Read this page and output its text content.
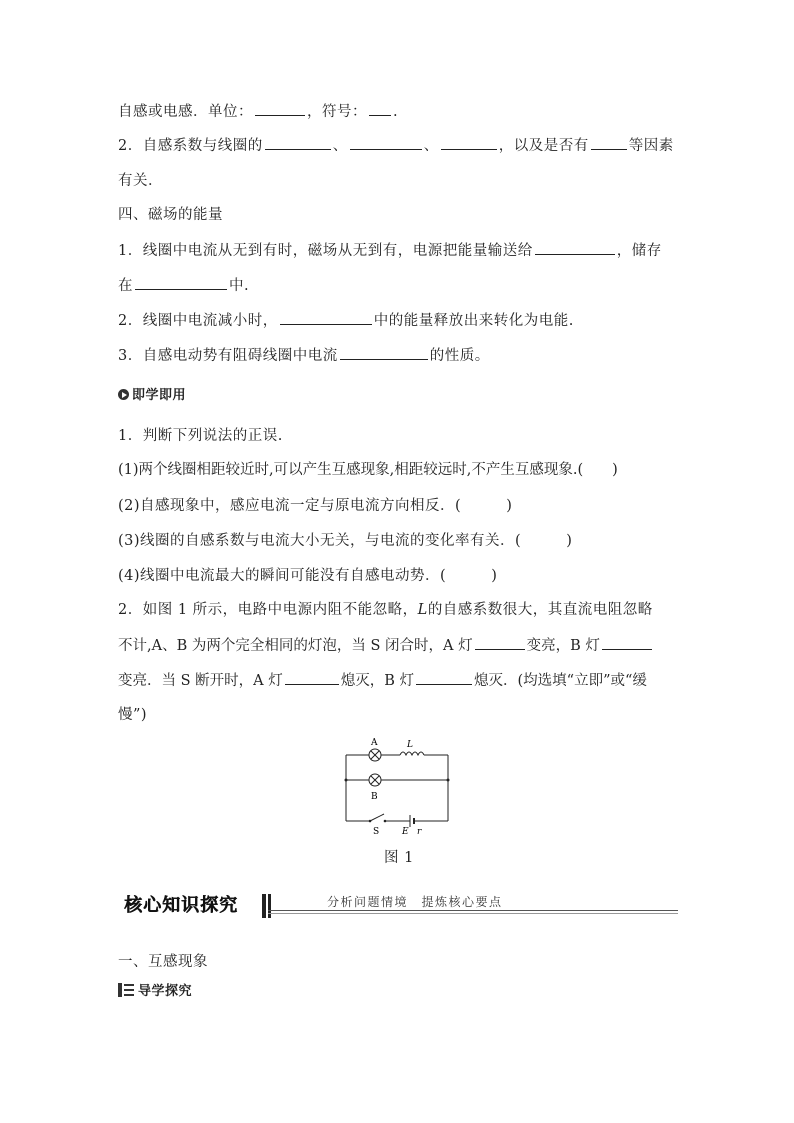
自感或电感．单位：	，符号： .
2．自感系数与线圈的	、	、	，以及是否有	等因素
有关．
四、磁场的能量
1．线圈中电流从无到有时，磁场从无到有，电源把能量输送给	，储存
在	中.
2．线圈中电流减小时，	中的能量释放出来转化为电能.
3．自感电动势有阻碍线圈中电流	的性质。
即学即用
1．判断下列说法的正误.
(1)两个线圈相距较近时,可以产生互感现象,相距较远时,不产生互感现象.(　　)
(2)自感现象中，感应电流一定与原电流方向相反．(　　　)
(3)线圈的自感系数与电流大小无关，与电流的变化率有关．(　　　)
(4)线圈中电流最大的瞬间可能没有自感电动势．(　　　)
2．如图 1 所示，电路中电源内阻不能忽略，L的自感系数很大，其直流电阻忽略
不计,A、B 为两个完全相同的灯泡，当 S 闭合时，A 灯	变亮，B 灯
变亮．当 S 断开时，A 灯	熄灭，B 灯	熄灭．(均选填“立即”或“缓
慢”)
A	L
B
S	E r
图 1
核心知识探究	分析问题情境　提炼核心要点
一、互感现象
导学探究
